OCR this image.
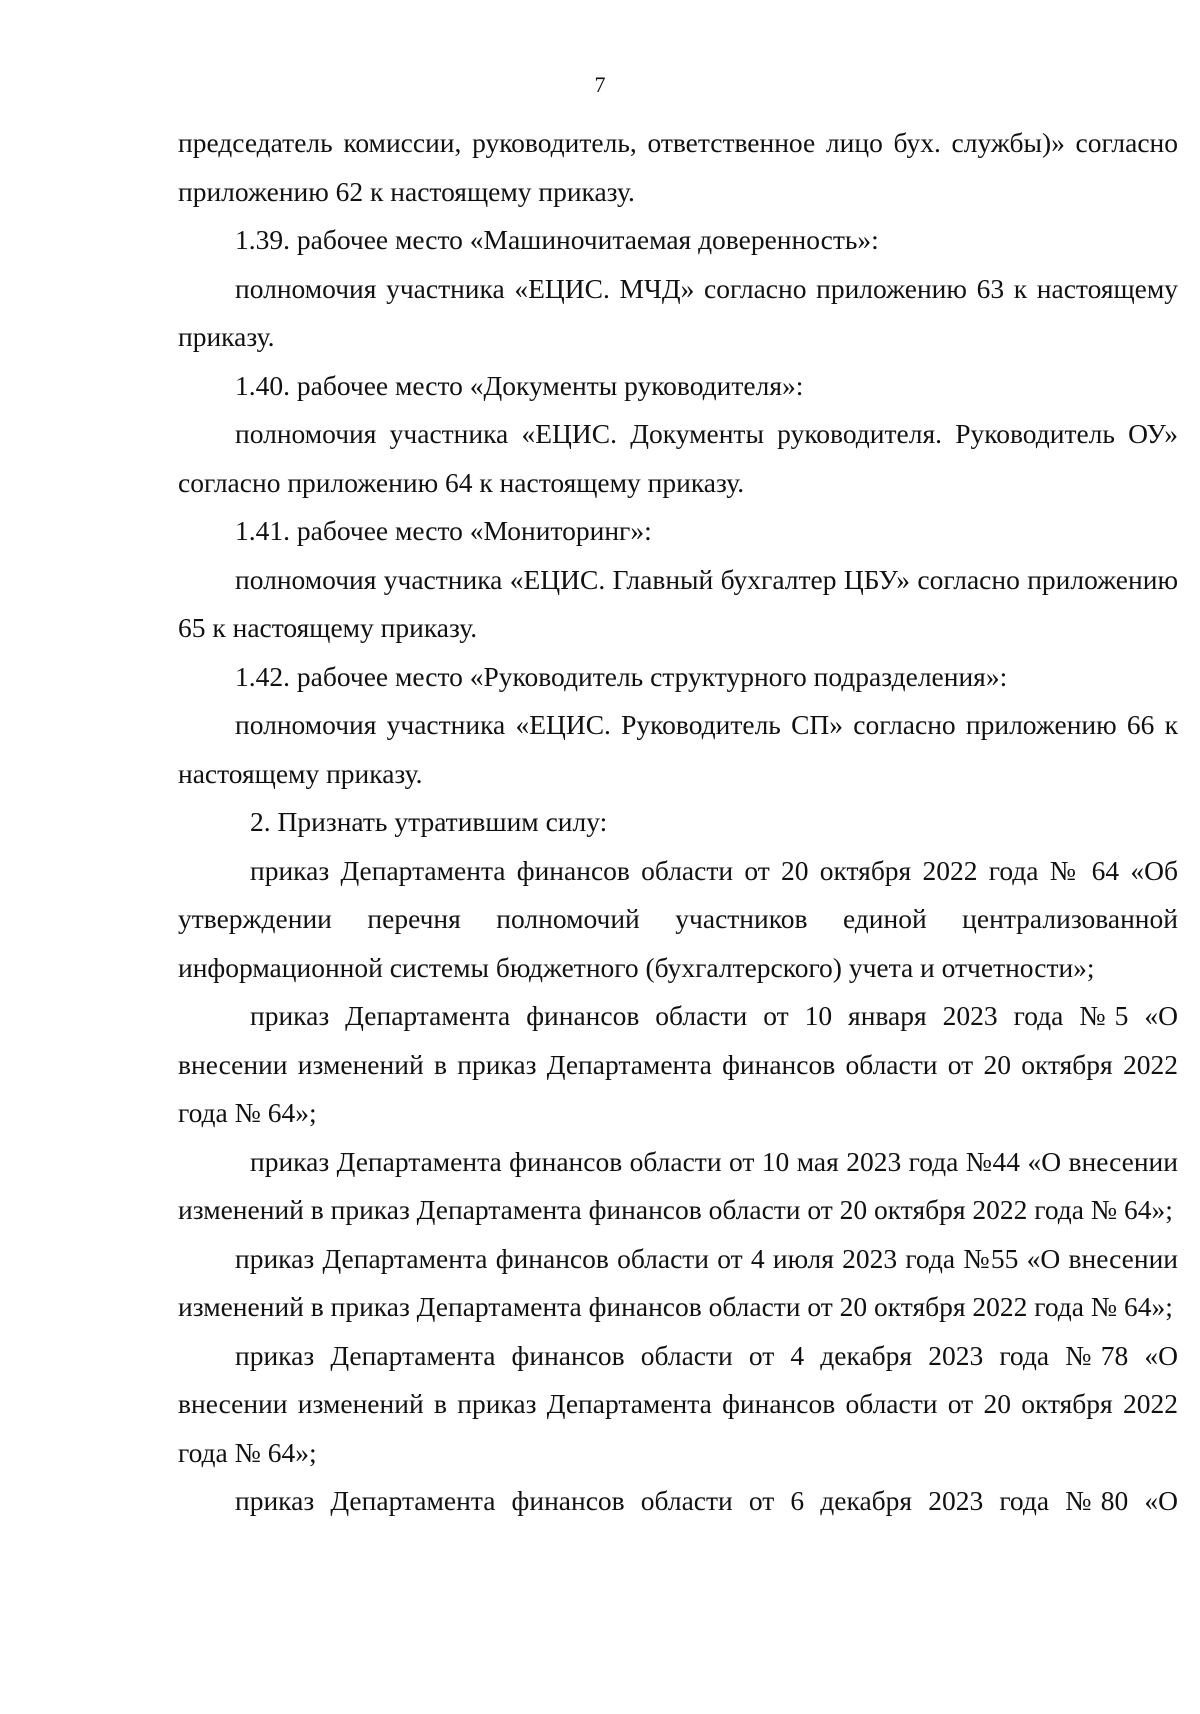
7

председатель комиссии, руководитель, ответственное лицо бух. службы)» согласно приложению 62 к настоящему приказу.

1.39. рабочее место «Машиночитаемая доверенность»:

полномочия участника «ЕЦИС. МЧД» согласно приложению 63 к настоящему приказу.

1.40. рабочее место «Документы руководителя»:

полномочия участника «ЕЦИС. Документы руководителя. Руководитель ОУ» согласно приложению 64 к настоящему приказу.

1.41. рабочее место «Мониторинг»:

полномочия участника «ЕЦИС. Главный бухгалтер ЦБУ» согласно приложению 65 к настоящему приказу.

1.42. рабочее место «Руководитель структурного подразделения»:

полномочия участника «ЕЦИС. Руководитель СП» согласно приложению 66 к настоящему приказу.

2. Признать утратившим силу:

приказ Департамента финансов области от 20 октября 2022 года № 64 «Об утверждении перечня полномочий участников единой централизованной информационной системы бюджетного (бухгалтерского) учета и отчетности»;

приказ Департамента финансов области от 10 января 2023 года №5 «О внесении изменений в приказ Департамента финансов области от 20 октября 2022 года № 64»;

приказ Департамента финансов области от 10 мая 2023 года №44 «О внесении изменений в приказ Департамента финансов области от 20 октября 2022 года № 64»;

приказ Департамента финансов области от 4 июля 2023 года №55 «О внесении изменений в приказ Департамента финансов области от 20 октября 2022 года № 64»;

приказ Департамента финансов области от 4 декабря 2023 года №78 «О внесении изменений в приказ Департамента финансов области от 20 октября 2022 года № 64»;

приказ Департамента финансов области от 6 декабря 2023 года №80 «О
